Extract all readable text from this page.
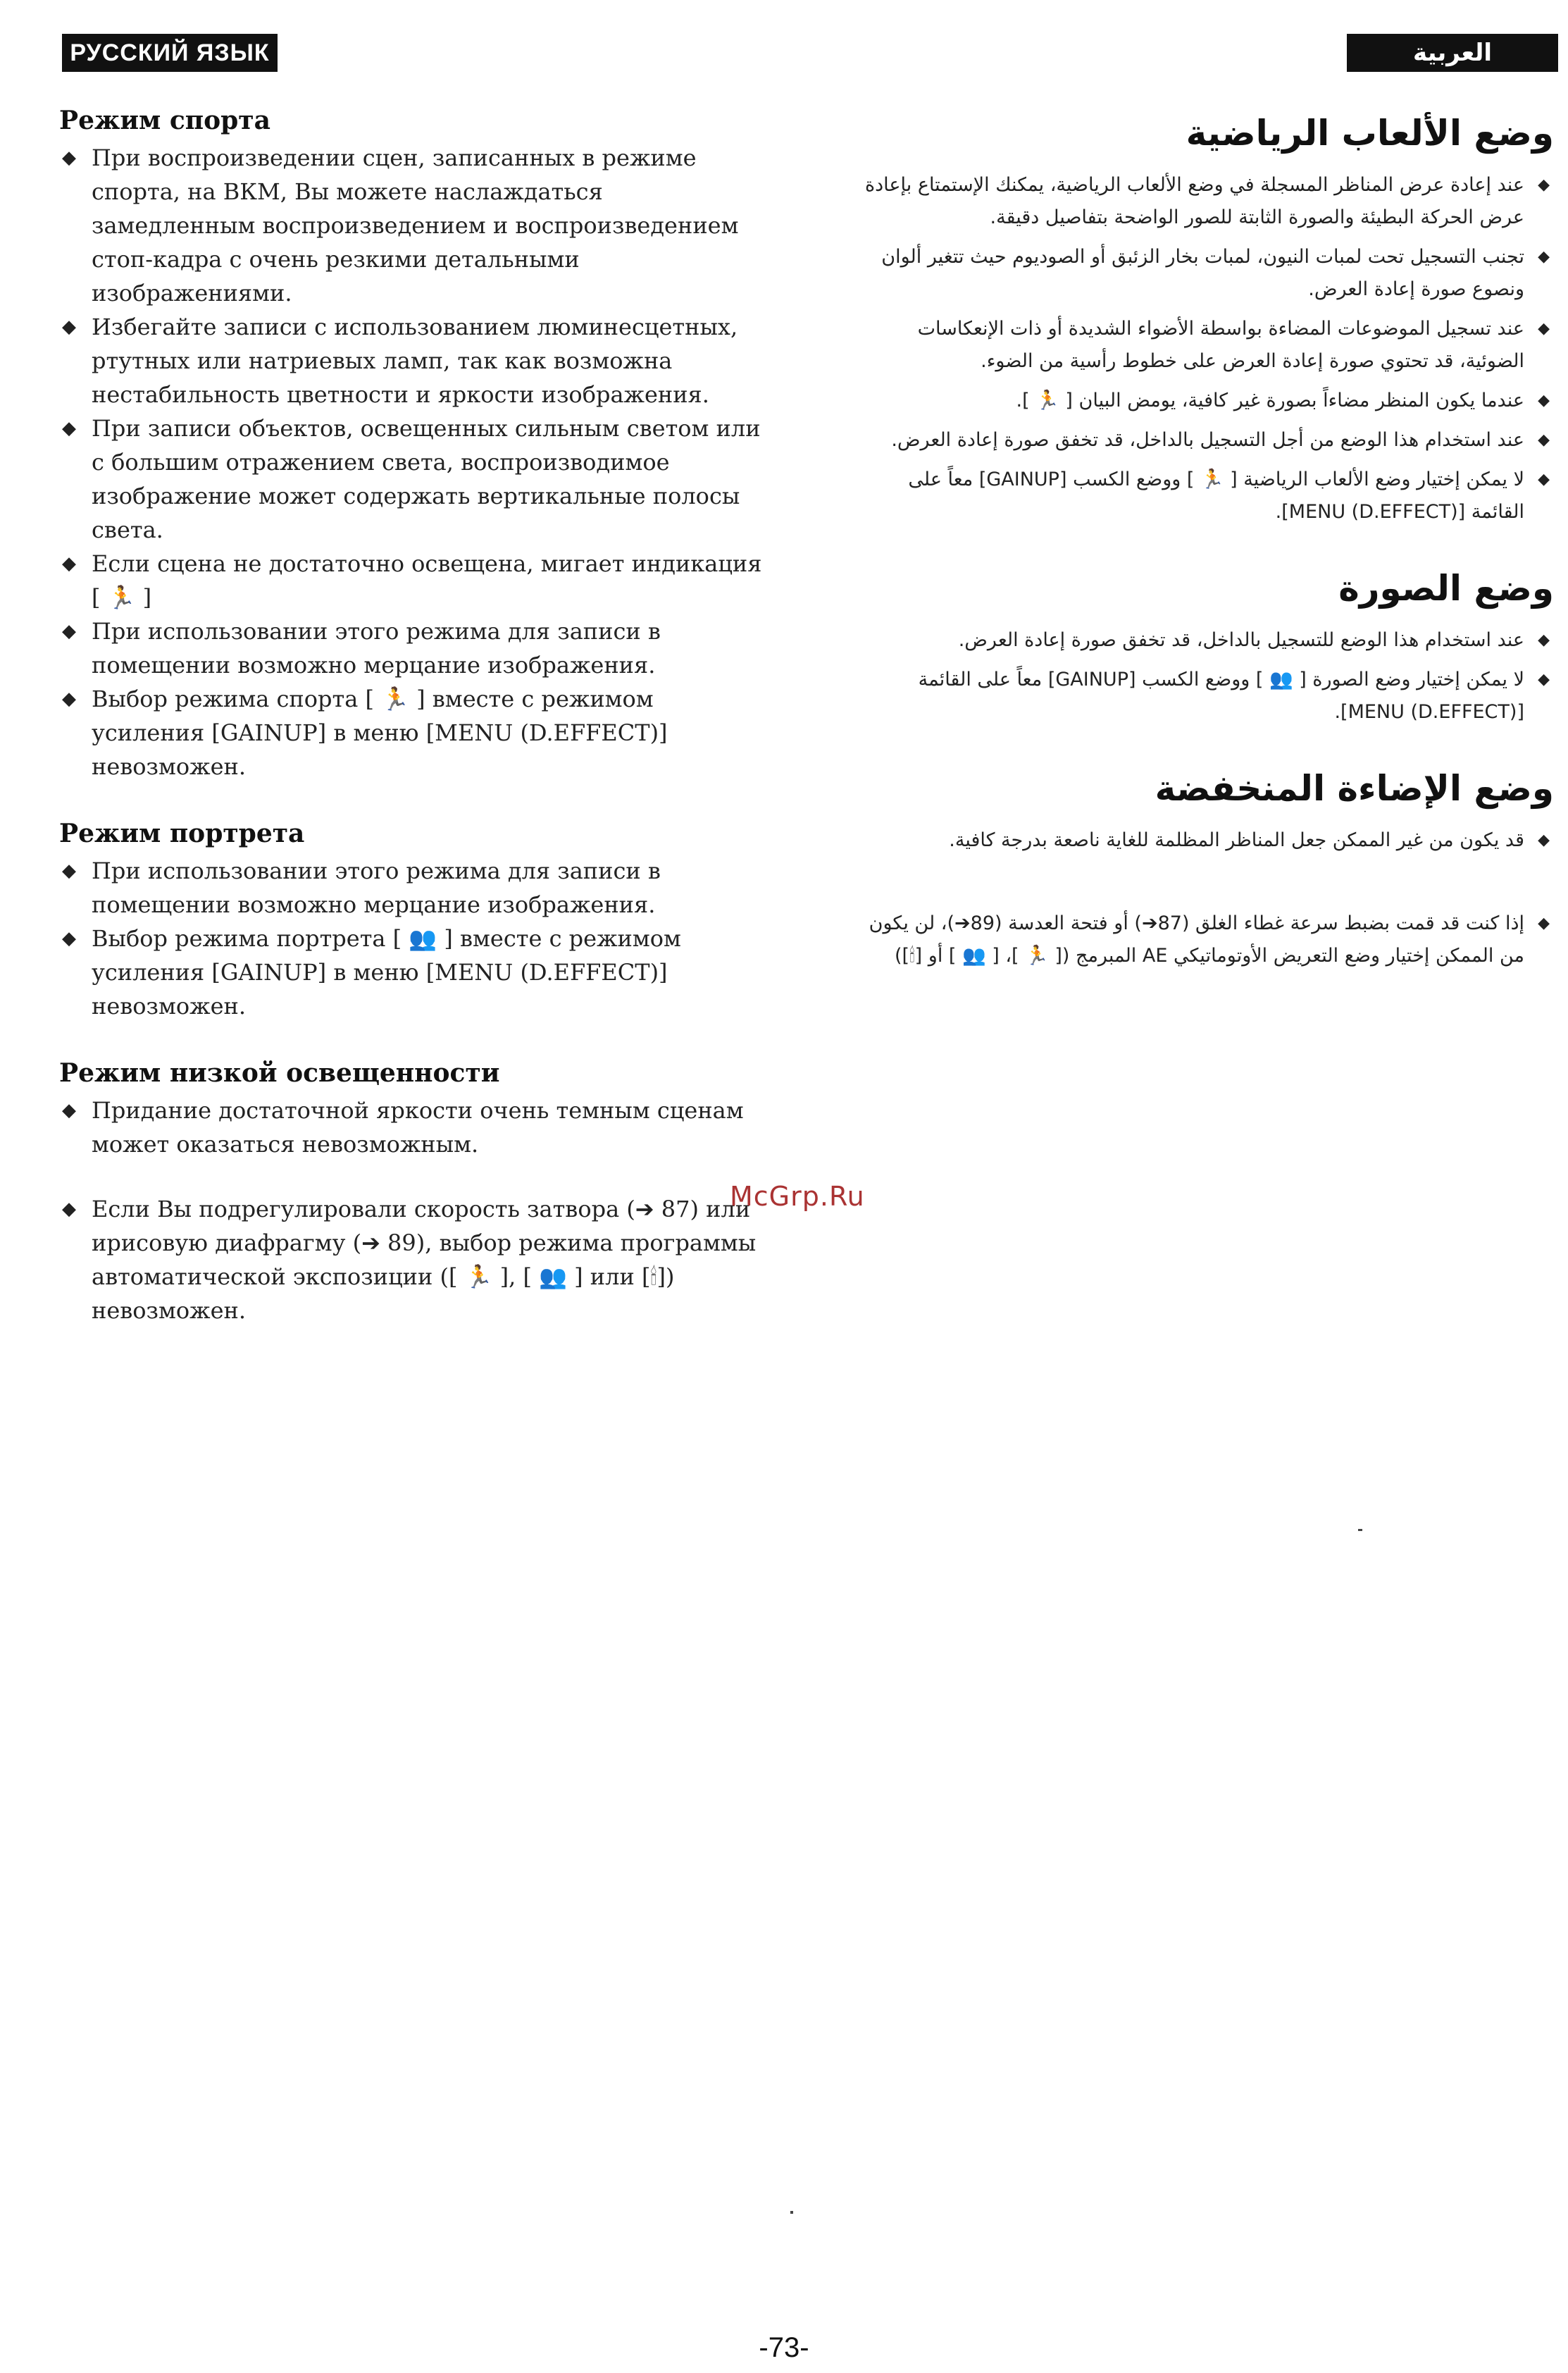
РУССКИЙ ЯЗЫК	العربية
Режим спорта
◆ При воспроизведении сцен, записанных в режиме спорта, на ВКМ, Вы можете наслаждаться замедленным воспроизведением и воспроизведением стоп-кадра с очень резкими детальными изображениями.
◆ Избегайте записи с использованием люминесцетных, ртутных или натриевых ламп, так как возможна нестабильность цветности и яркости изображения.
◆ При записи объектов, освещенных сильным светом или с большим отражением света, воспроизводимое изображение может содержать вертикальные полосы света.
◆ Если сцена не достаточно освещена, мигает индикация [ 🏃 ]
◆ При использовании этого режима для записи в помещении возможно мерцание изображения.
◆ Выбор режима спорта [ 🏃 ] вместе с режимом усиления [GAINUP] в меню [MENU (D.EFFECT)] невозможен.
Режим портрета
◆ При использовании этого режима для записи в помещении возможно мерцание изображения.
◆ Выбор режима портрета [ 👥 ] вместе с режимом усиления [GAINUP] в меню [MENU (D.EFFECT)] невозможен.
Режим низкой освещенности
◆ Придание достаточной яркости очень темным сценам может оказаться невозможным.
◆ Если Вы подрегулировали скорость затвора (➔ 87) или ирисовую диафрагму (➔ 89), выбор режима программы автоматической экспозиции ([ 🏃 ], [ 👥 ] или [🕯]) невозможен.
وضع الألعاب الرياضية
◆
عند إعادة عرض المناظر المسجلة في وضع الألعاب الرياضية، يمكنك الإستمتاع بإعادة عرض الحركة البطيئة والصورة الثابتة للصور الواضحة بتفاصيل دقيقة.
◆
تجنب التسجيل تحت لمبات النيون، لمبات بخار الزئبق أو الصوديوم حيث تتغير ألوان ونصوع صورة إعادة العرض.
◆
عند تسجيل الموضوعات المضاءة بواسطة الأضواء الشديدة أو ذات الإنعكاسات الضوئية، قد تحتوي صورة إعادة العرض على خطوط رأسية من الضوء.
◆
عندما يكون المنظر مضاءاً بصورة غير كافية، يومض البيان [ 🏃 ].
◆
عند استخدام هذا الوضع من أجل التسجيل بالداخل، قد تخفق صورة إعادة العرض.
◆
لا يمكن إختيار وضع الألعاب الرياضية [ 🏃 ] ووضع الكسب [GAINUP] معاً على القائمة [MENU (D.EFFECT)].
وضع الصورة
◆
عند استخدام هذا الوضع للتسجيل بالداخل، قد تخفق صورة إعادة العرض.
◆
لا يمكن إختيار وضع الصورة [ 👥 ] ووضع الكسب [GAINUP] معاً على القائمة [MENU (D.EFFECT)].
وضع الإضاءة المنخفضة
◆
قد يكون من غير الممكن جعل المناظر المظلمة للغاية ناصعة بدرجة كافية.
◆
إذا كنت قد قمت بضبط سرعة غطاء الغلق (87➔) أو فتحة العدسة (89➔)، لن يكون من الممكن إختيار وضع التعريض الأوتوماتيكي AE المبرمج ([ 🏃 ]، [ 👥 ] أو [🕯])
McGrp.Ru
-73-
